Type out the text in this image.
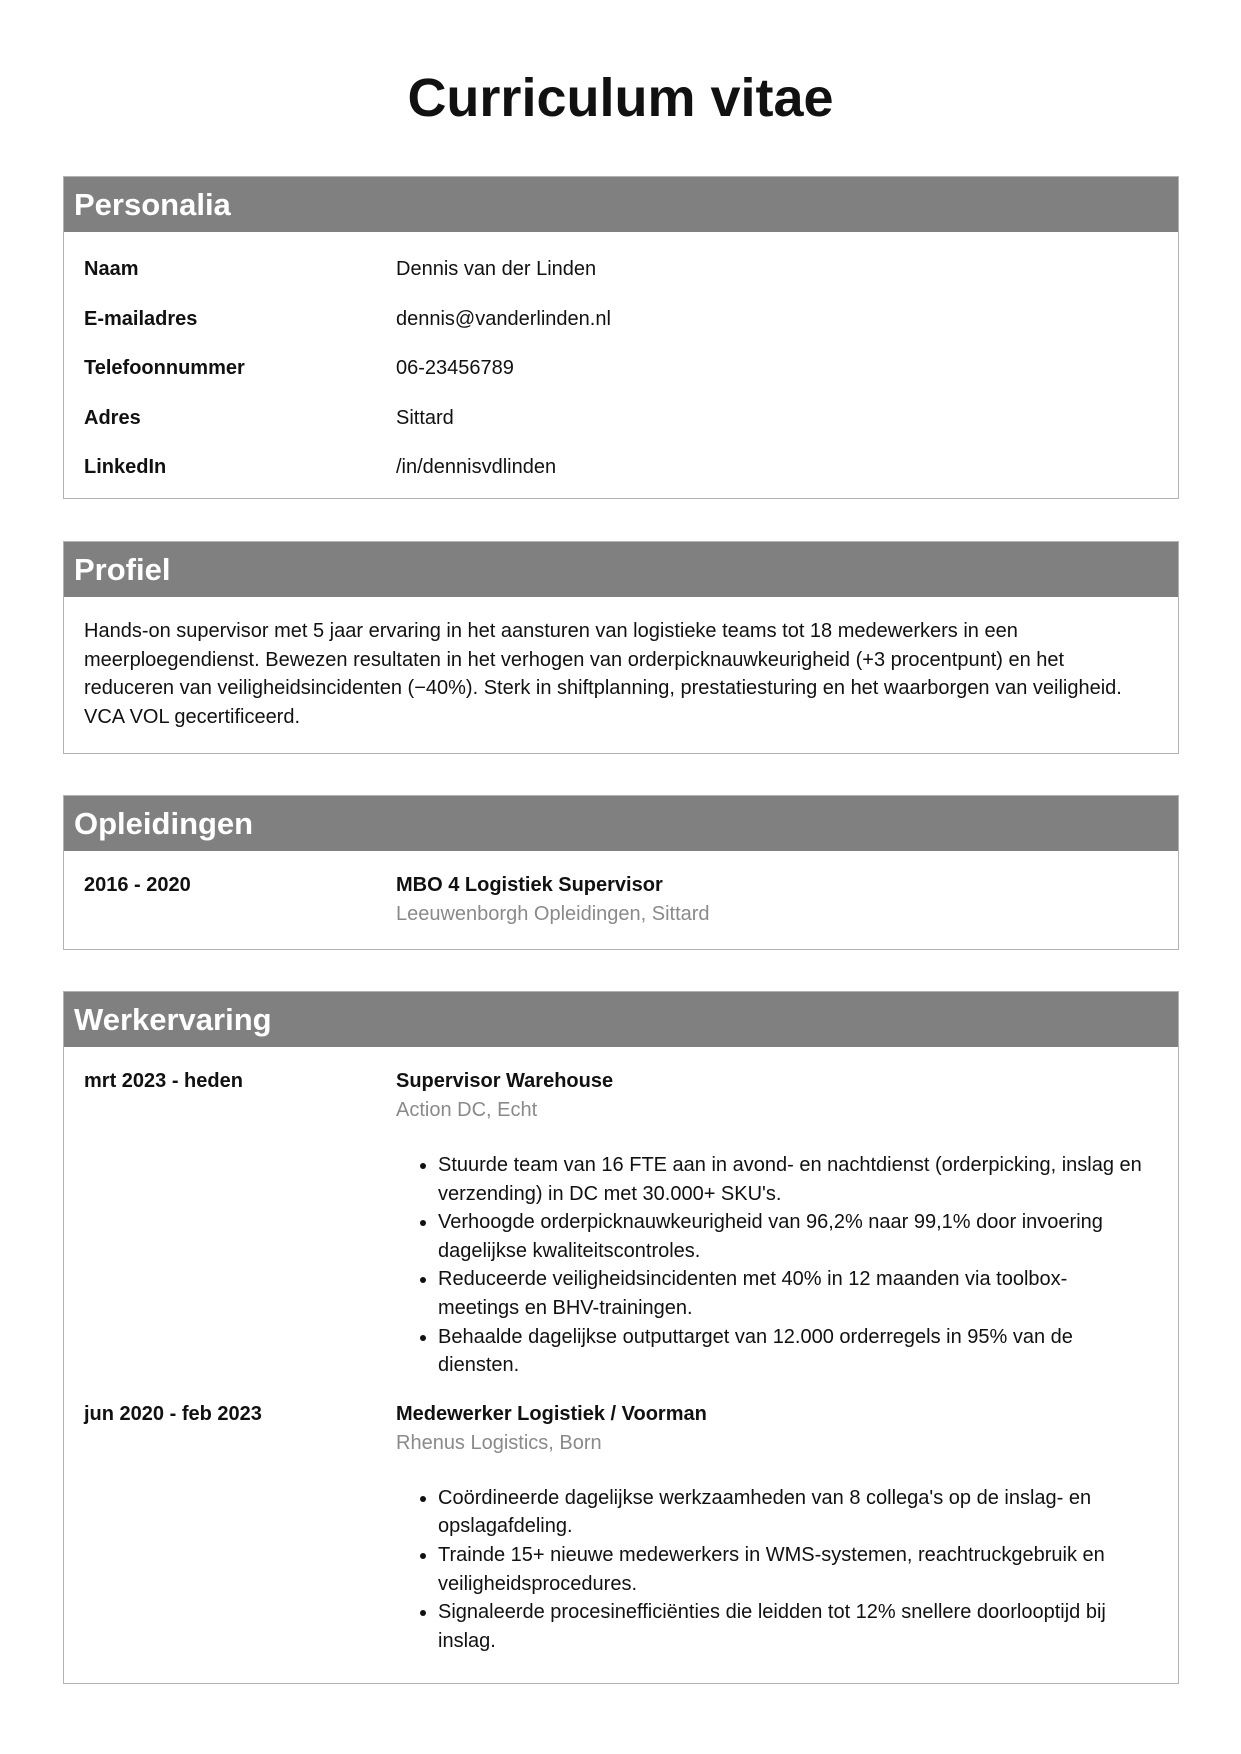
Curriculum vitae
Personalia
Naam	Dennis van der Linden
E-mailadres	dennis@vanderlinden.nl
Telefoonnummer	06-23456789
Adres	Sittard
LinkedIn	/in/dennisvdlinden
Profiel

Hands-on supervisor met 5 jaar ervaring in het aansturen van logistieke teams tot 18 medewerkers in een meerploegendienst. Bewezen resultaten in het verhogen van orderpicknauwkeurigheid (+3 procentpunt) en het reduceren van veiligheidsincidenten (−40%). Sterk in shiftplanning, prestatiesturing en het waarborgen van veiligheid. VCA VOL gecertificeerd.

Opleidingen
2016 - 2020	MBO 4 Logistiek Supervisor
Leeuwenborgh Opleidingen, Sittard
Werkervaring
mrt 2023 - heden	Supervisor Warehouse
Action DC, Echt
• Stuurde team van 16 FTE aan in avond- en nachtdienst (orderpicking, inslag en verzending) in DC met 30.000+ SKU's.
• Verhoogde orderpicknauwkeurigheid van 96,2% naar 99,1% door invoering dagelijkse kwaliteitscontroles.
• Reduceerde veiligheidsincidenten met 40% in 12 maanden via toolbox-meetings en BHV-trainingen.
• Behaalde dagelijkse outputtarget van 12.000 orderregels in 95% van de diensten.
jun 2020 - feb 2023	Medewerker Logistiek / Voorman
Rhenus Logistics, Born
• Coördineerde dagelijkse werkzaamheden van 8 collega's op de inslag- en opslagafdeling.
• Trainde 15+ nieuwe medewerkers in WMS-systemen, reachtruckgebruik en veiligheidsprocedures.
• Signaleerde procesinefficiënties die leidden tot 12% snellere doorlooptijd bij inslag.
